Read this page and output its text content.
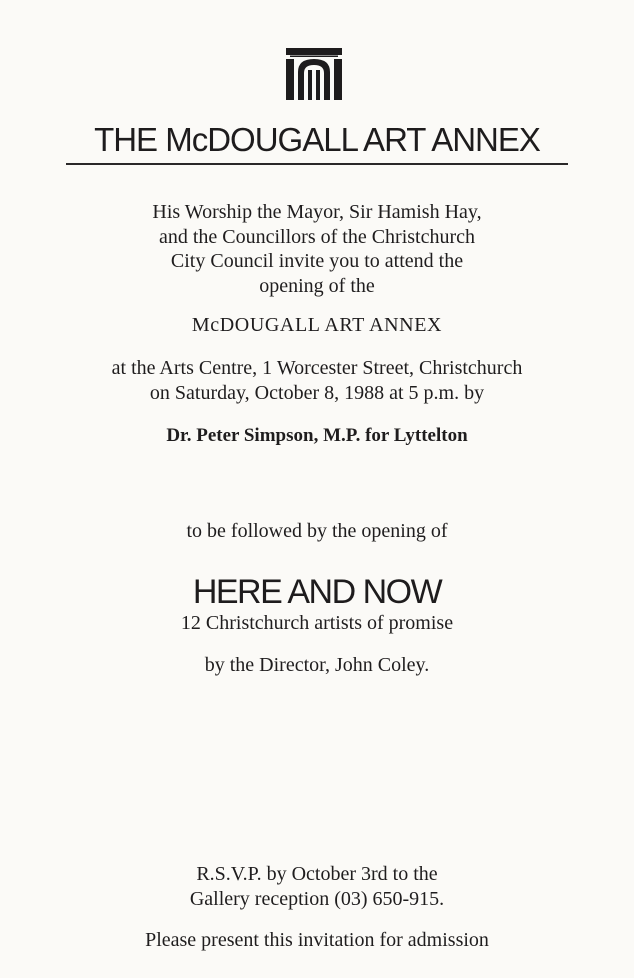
THE McDOUGALL ART ANNEX
His Worship the Mayor, Sir Hamish Hay,
and the Councillors of the Christchurch
City Council invite you to attend the
opening of the
McDOUGALL ART ANNEX
at the Arts Centre, 1 Worcester Street, Christchurch
on Saturday, October 8, 1988 at 5 p.m. by
Dr. Peter Simpson, M.P. for Lyttelton
to be followed by the opening of
HERE AND NOW
12 Christchurch artists of promise
by the Director, John Coley.
R.S.V.P. by October 3rd to the
Gallery reception (03) 650-915.
Please present this invitation for admission
